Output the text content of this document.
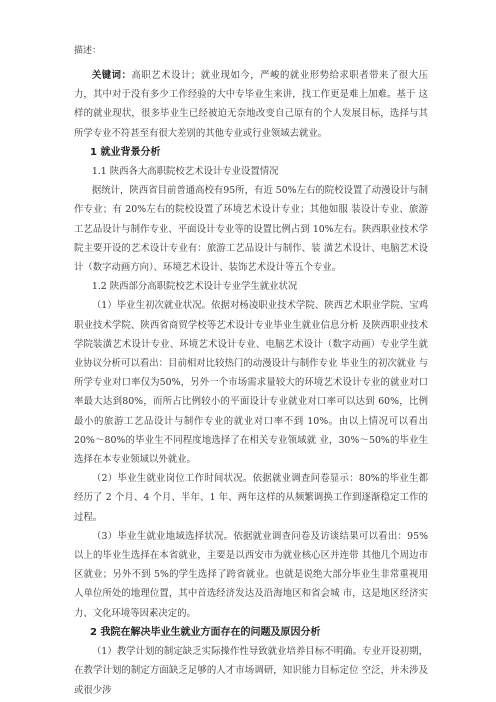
描述：

关键词：高职艺术设计；就业现如今，严峻的就业形势给求职者带来了很大压力，其中对于没有多少工作经验的大中专毕业生来讲，找工作更是难上加难。基于 这样的就业现状，很多毕业生已经被迫无奈地改变自己原有的个人发展目标，选择与其所学专业不符甚至有很大差别的其他专业或行业领域去就业。

1 就业背景分析
1.1 陕西各大高职院校艺术设计专业设置情况

据统计，陕西省目前普通高校有95所，有近 50%左右的院校设置了动漫设计与制作专业；有 20%左右的院校设置了环境艺术设计专业；其他如服 装设计专业、旅游工艺品设计与制作专业、平面设计专业等的设置比例占到 10%左右。陕西职业技术学院主要开设的艺术设计专业有：旅游工艺品设计与制作、装 潢艺术设计、电脑艺术设计（数字动画方向）、环境艺术设计、装饰艺术设计等五个专业。

1.2 陕西部分高职院校艺术设计专业学生就业状况

（1）毕业生初次就业状况。依据对杨凌职业技术学院、陕西艺术职业学院、宝鸡职业技术学院、陕西省商贸学校等艺术设计专业毕业生就业信息分析 及陕西职业技术学院装潢艺术设计专业、环境艺术设计专业、电脑艺术设计（数字动画）专业学生就业协议分析可以看出：目前相对比较热门的动漫设计与制作专业 毕业生的初次就业 与所学专业对口率仅为50%，另外一个市场需求量较大的环境艺术设计专业的就业对口率最大达到80%，而所占比例较小的平面设计专业就业对口率可以达到 60%，比例最小的旅游工艺品设计与制作专业的就业对口率不到 10%。由以上情况可以看出 20%～80%的毕业生不同程度地选择了在相关专业领域就 业，30%～50%的毕业生选择在本专业领域以外就业。

（2）毕业生就业岗位工作时间状况。依据就业调查问卷显示：80%的毕业生都经历了 2 个月、4 个月、半年、1 年、两年这样的从频繁调换工作到逐渐稳定工作的过程。

（3）毕业生就业地域选择状况。依据就业调查问卷及访谈结果可以看出：95%以上的毕业生选择在本省就业，主要是以西安市为就业核心区并连带 其他几个周边市区就业；另外不到 5%的学生选择了跨省就业。也就是说绝大部分毕业生非常重视用人单位所处的地理位置，其中首选经济发达及沿海地区和省会城 市，这是地区经济实力、文化环境等因素决定的。

2 我院在解决毕业生就业方面存在的问题及原因分析

（1）教学计划的制定缺乏实际操作性导致就业培养目标不明确。专业开设初期，在教学计划的制定方面缺乏足够的人才市场调研，知识能力目标定位 空泛，并未涉及或很少涉
